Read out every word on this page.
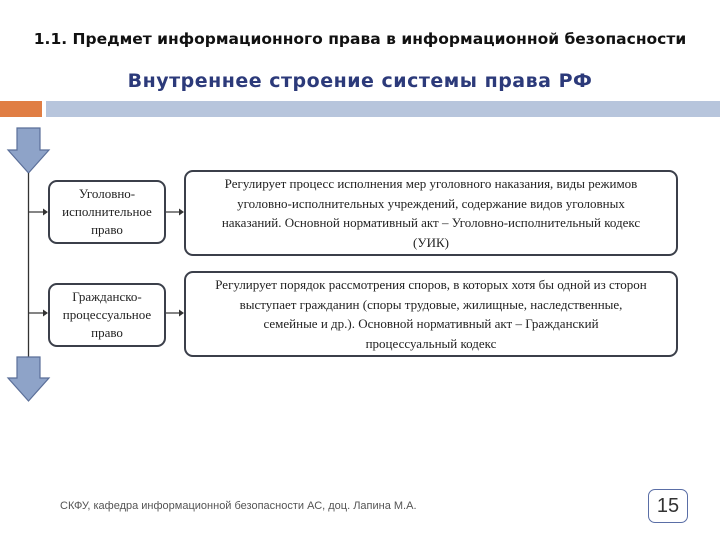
1.1. Предмет информационного права в информационной безопасности
Внутреннее строение системы права РФ
Уголовно-
исполнительное
право
Регулирует процесс исполнения мер уголовного наказания, виды режимов
уголовно-исполнительных учреждений, содержание видов уголовных
наказаний. Основной нормативный акт – Уголовно-исполнительный кодекс
(УИК)
Гражданско-
процессуальное
право
Регулирует порядок рассмотрения споров, в которых хотя бы одной из сторон
выступает гражданин (споры трудовые, жилищные, наследственные,
семейные и др.). Основной нормативный акт – Гражданский
процессуальный кодекс
СКФУ, кафедра информационной безопасности АС, доц. Лапина М.А.	15
